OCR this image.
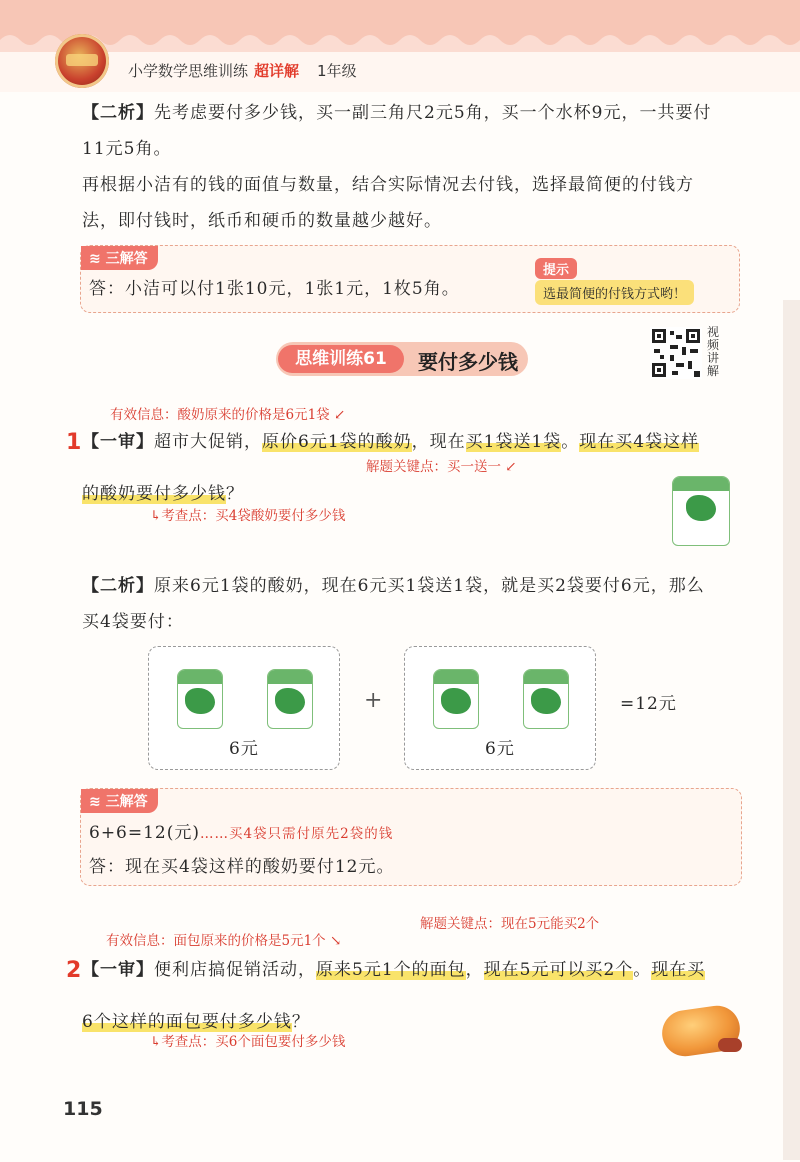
小学数学思维训练 超详解 1年级
【二析】先考虑要付多少钱，买一副三角尺2元5角，买一个水杯9元，一共要付
11元5角。
再根据小洁有的钱的面值与数量，结合实际情况去付钱，选择最简便的付钱方
法，即付钱时，纸币和硬币的数量越少越好。
≋ 三解答
答：小洁可以付1张10元，1张1元，1枚5角。
提示
选最简便的付钱方式哟！
思维训练61	要付多少钱
视频讲解
有效信息：酸奶原来的价格是6元1袋 ↙
1 【一审】超市大促销，原价6元1袋的酸奶，现在买1袋送1袋。现在买4袋这样
解题关键点：买一送一 ↙
的酸奶要付多少钱？
↳考查点：买4袋酸奶要付多少钱
【二析】原来6元1袋的酸奶，现在6元买1袋送1袋，就是买2袋要付6元，那么
买4袋要付：
6元
+
6元
=12元
≋ 三解答
6+6=12(元)……买4袋只需付原先2袋的钱
答：现在买4袋这样的酸奶要付12元。
解题关键点：现在5元能买2个
有效信息：面包原来的价格是5元1个 ↘
2 【一审】便利店搞促销活动，原来5元1个的面包，现在5元可以买2个。现在买
6个这样的面包要付多少钱？
↳考查点：买6个面包要付多少钱
115
